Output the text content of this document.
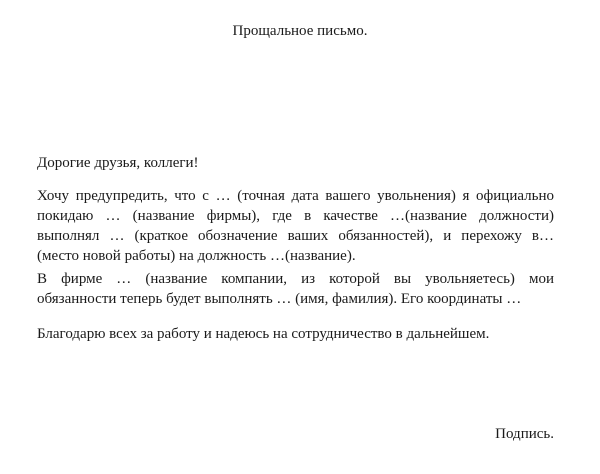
Прощальное письмо.
Дорогие друзья, коллеги!
Хочу предупредить, что с … (точная дата вашего увольнения) я официально
покидаю … (название фирмы), где в качестве …(название должности)
выполнял … (краткое обозначение ваших обязанностей), и перехожу в…
(место новой работы) на должность …(название).
В фирме … (название компании, из которой вы увольняетесь) мои
обязанности теперь будет выполнять … (имя, фамилия). Его координаты …
Благодарю всех за работу и надеюсь на сотрудничество в дальнейшем.
Подпись.
